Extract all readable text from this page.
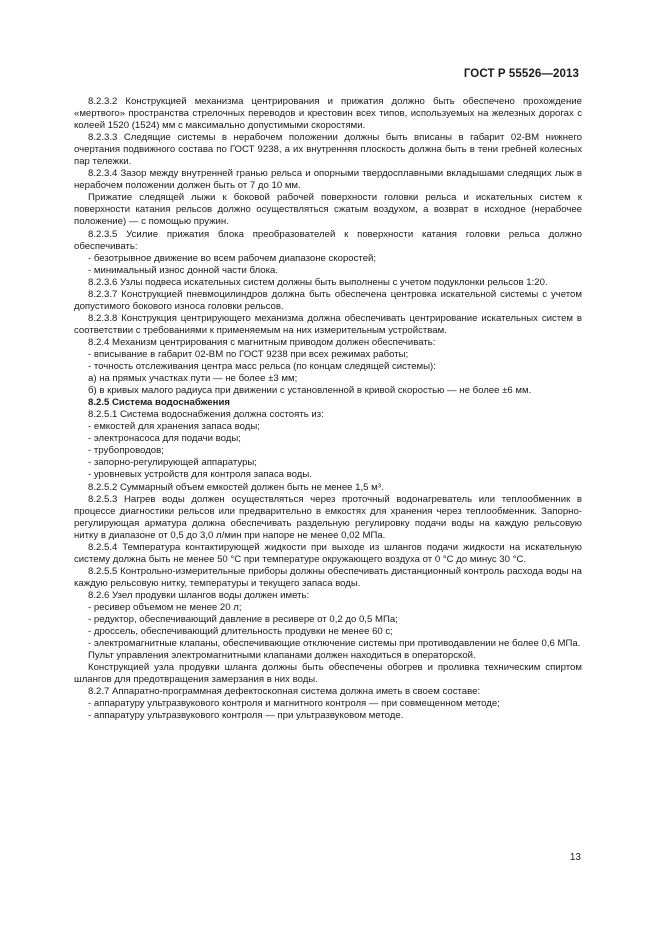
ГОСТ Р 55526—2013

8.2.3.2 Конструкцией механизма центрирования и прижатия должно быть обеспечено прохождение «мертвого» пространства стрелочных переводов и крестовин всех типов, используемых на железных дорогах с колеей 1520 (1524) мм с максимально допустимыми скоростями.

8.2.3.3 Следящие системы в нерабочем положении должны быть вписаны в габарит 02-ВМ нижнего очертания подвижного состава по ГОСТ 9238, а их внутренняя плоскость должна быть в тени гребней колесных пар тележки.

8.2.3.4 Зазор между внутренней гранью рельса и опорными твердосплавными вкладышами следящих лыж в нерабочем положении должен быть от 7 до 10 мм.

Прижатие следящей лыжи к боковой рабочей поверхности головки рельса и искательных систем к поверхности катания рельсов должно осуществляться сжатым воздухом, а возврат в исходное (нерабочее положение) — с помощью пружин.

8.2.3.5 Усилие прижатия блока преобразователей к поверхности катания головки рельса должно обеспечивать:

- безотрывное движение во всем рабочем диапазоне скоростей;

- минимальный износ донной части блока.

8.2.3.6 Узлы подвеса искательных систем должны быть выполнены с учетом подуклонки рельсов 1:20.

8.2.3.7 Конструкцией пневмоцилиндров должна быть обеспечена центровка искательной системы с учетом допустимого бокового износа головки рельсов.

8.2.3.8 Конструкция центрирующего механизма должна обеспечивать центрирование искательных систем в соответствии с требованиями к применяемым на них измерительным устройствам.

8.2.4 Механизм центрирования с магнитным приводом должен обеспечивать:

- вписывание в габарит 02-ВМ по ГОСТ 9238 при всех режимах работы;

- точность отслеживания центра масс рельса (по концам следящей системы):

а) на прямых участках пути — не более ±3 мм;

б) в кривых малого радиуса при движении с установленной в кривой скоростью — не более ±6 мм.

8.2.5 Система водоснабжения

8.2.5.1 Система водоснабжения должна состоять из:

- емкостей для хранения запаса воды;

- электронасоса для подачи воды;

- трубопроводов;

- запорно-регулирующей аппаратуры;

- уровневых устройств для контроля запаса воды.

8.2.5.2 Суммарный объем емкостей должен быть не менее 1,5 м³.

8.2.5.3 Нагрев воды должен осуществляться через проточный водонагреватель или теплообменник в процессе диагностики рельсов или предварительно в емкостях для хранения через теплообменник. Запорно-регулирующая арматура должна обеспечивать раздельную регулировку подачи воды на каждую рельсовую нитку в диапазоне от 0,5 до 3,0 л/мин при напоре не менее 0,02 МПа.

8.2.5.4 Температура контактирующей жидкости при выходе из шлангов подачи жидкости на искательную систему должна быть не менее 50 °С при температуре окружающего воздуха от 0 °С до минус 30 °С.

8.2.5.5 Контрольно-измерительные приборы должны обеспечивать дистанционный контроль расхода воды на каждую рельсовую нитку, температуры и текущего запаса воды.

8.2.6 Узел продувки шлангов воды должен иметь:

- ресивер объемом не менее 20 л;

- редуктор, обеспечивающий давление в ресивере от 0,2 до 0,5 МПа;

- дроссель, обеспечивающий длительность продувки не менее 60 с;

- электромагнитные клапаны, обеспечивающие отключение системы при противодавлении не более 0,6 МПа.

Пульт управления электромагнитными клапанами должен находиться в операторской.

Конструкцией узла продувки шланга должны быть обеспечены обогрев и проливка техническим спиртом шлангов для предотвращения замерзания в них воды.

8.2.7 Аппаратно-программная дефектоскопная система должна иметь в своем составе:

- аппаратуру ультразвукового контроля и магнитного контроля — при совмещенном методе;

- аппаратуру ультразвукового контроля — при ультразвуковом методе.

13
